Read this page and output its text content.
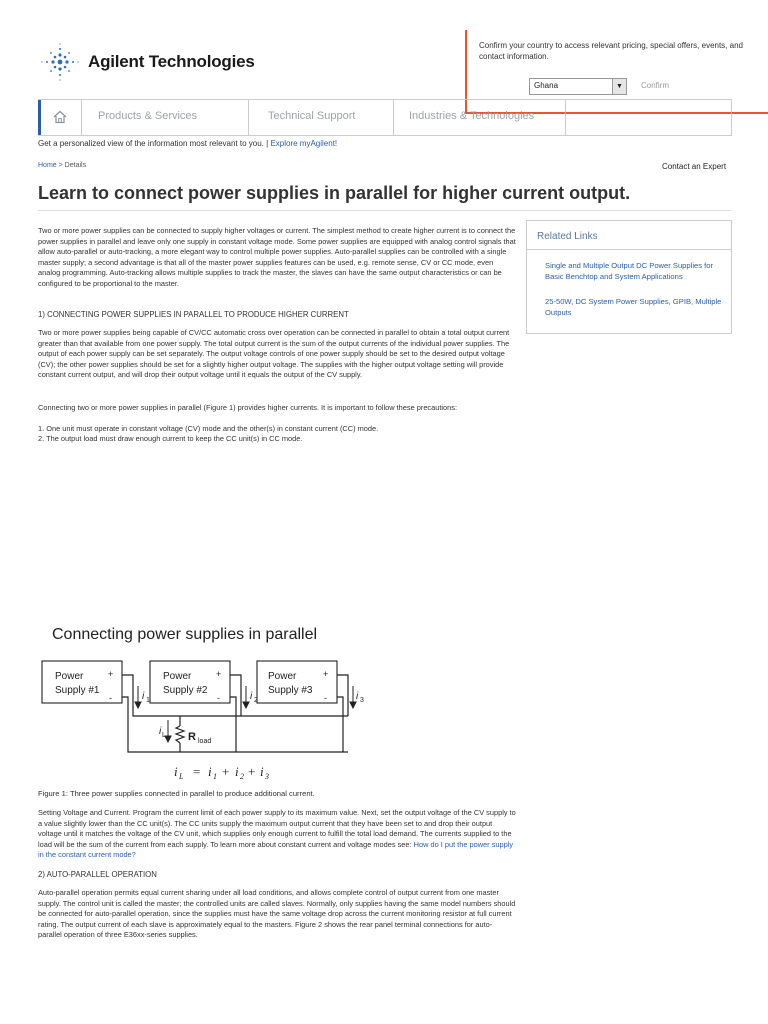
Agilent Technologies
Confirm your country to access relevant pricing, special offers, events, and contact information.
Ghana	▼	Confirm
Products & Services	Technical Support	Industries & Technologies
Get a personalized view of the information most relevant to you. | Explore myAgilent!
Home > Details	Contact an Expert
Learn to connect power supplies in parallel for higher current output.
Two or more power supplies can be connected to supply higher voltages or current. The simplest method to create higher current is to connect the power supplies in parallel and leave only one supply in constant voltage mode. Some power supplies are equipped with analog control signals that allow auto-parallel or auto-tracking, a more elegant way to control multiple power supplies. Auto-parallel supplies can be controlled with a single master supply; a second advantage is that all of the master power supplies features can be used, e.g. remote sense, CV or CC mode, even analog programming. Auto-tracking allows multiple supplies to track the master, the slaves can have the same output characteristics or can be configured to be proportional to the master.
1) CONNECTING POWER SUPPLIES IN PARALLEL TO PRODUCE HIGHER CURRENT
Two or more power supplies being capable of CV/CC automatic cross over operation can be connected in parallel to obtain a total output current greater than that available from one power supply. The total output current is the sum of the output currents of the individual power supplies. The output of each power supply can be set separately. The output voltage controls of one power supply should be set to the desired output voltage (CV); the other power supplies should be set for a slightly higher output voltage. The supplies with the higher output voltage setting will provide constant current output, and will drop their output voltage until it equals the output of the CV supply.
Connecting two or more power supplies in parallel (Figure 1) provides higher currents. It is important to follow these precautions:
1. One unit must operate in constant voltage (CV) mode and the other(s) in constant current (CC) mode.
2. The output load must draw enough current to keep the CC unit(s) in CC mode.
Related Links
Single and Multiple Output DC Power Supplies for Basic Benchtop and System Applications
25-50W, DC System Power Supplies, GPIB, Multiple Outputs
Connecting power supplies in parallel
Power
Supply #1
Power
Supply #2
Power
Supply #3
+
-
+
-
+
-
R load
i 1	i 2	i 3
i L
i L = i 1 + i 2 + i 3
Figure 1: Three power supplies connected in parallel to produce additional current.
Setting Voltage and Current. Program the current limit of each power supply to its maximum value. Next, set the output voltage of the CV supply to a value slightly lower than the CC unit(s). The CC units supply the maximum output current that they have been set to and drop their output voltage until it matches the voltage of the CV unit, which supplies only enough current to fulfill the total load demand. The currents supplied to the load will be the sum of the current from each supply. To learn more about constant current and voltage modes see: How do I put the power supply in the constant current mode?
2) AUTO-PARALLEL OPERATION
Auto-parallel operation permits equal current sharing under all load conditions, and allows complete control of output current from one master supply. The control unit is called the master; the controlled units are called slaves. Normally, only supplies having the same model numbers should be connected for auto-parallel operation, since the supplies must have the same voltage drop across the current monitoring resistor at full current rating. The output current of each slave is approximately equal to the masters. Figure 2 shows the rear panel terminal connections for auto-parallel operation of three E36xx-series supplies.
